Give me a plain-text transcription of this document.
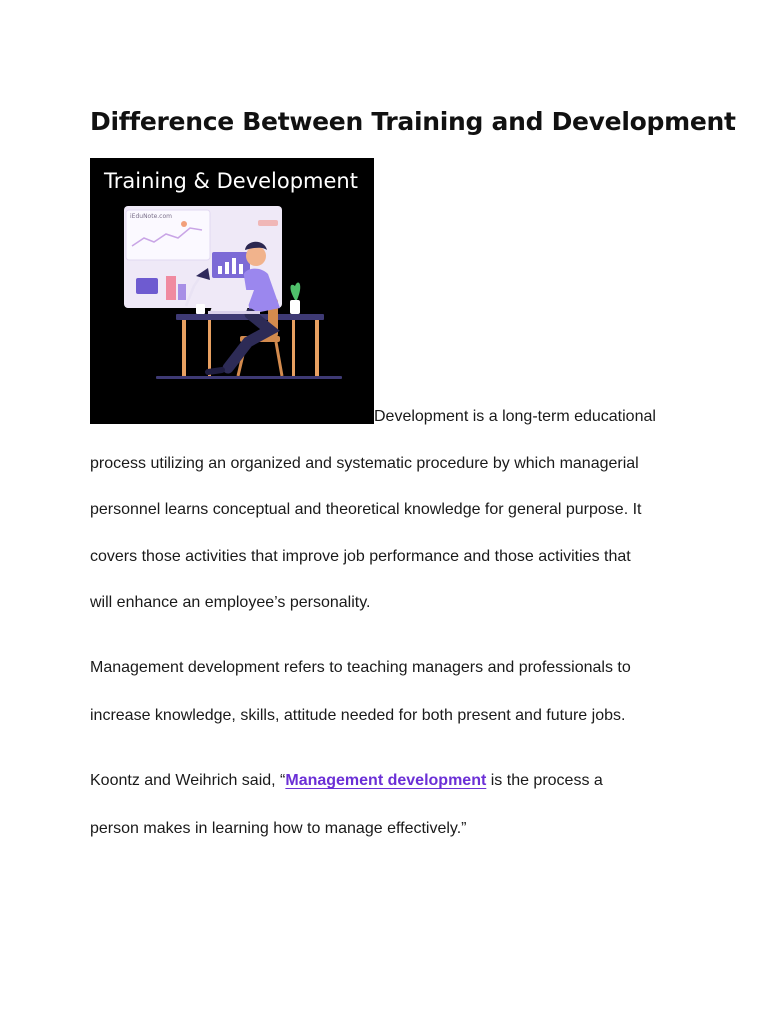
Difference Between Training and Development
Training & Development
iEduNote.com

Development is a long-term educational
process utilizing an organized and systematic procedure by which managerial
personnel learns conceptual and theoretical knowledge for general purpose. It
covers those activities that improve job performance and those activities that
will enhance an employee’s personality.

Management development refers to teaching managers and professionals to
increase knowledge, skills, attitude needed for both present and future jobs.

Koontz and Weihrich said, “Management development is the process a
person makes in learning how to manage effectively.”
